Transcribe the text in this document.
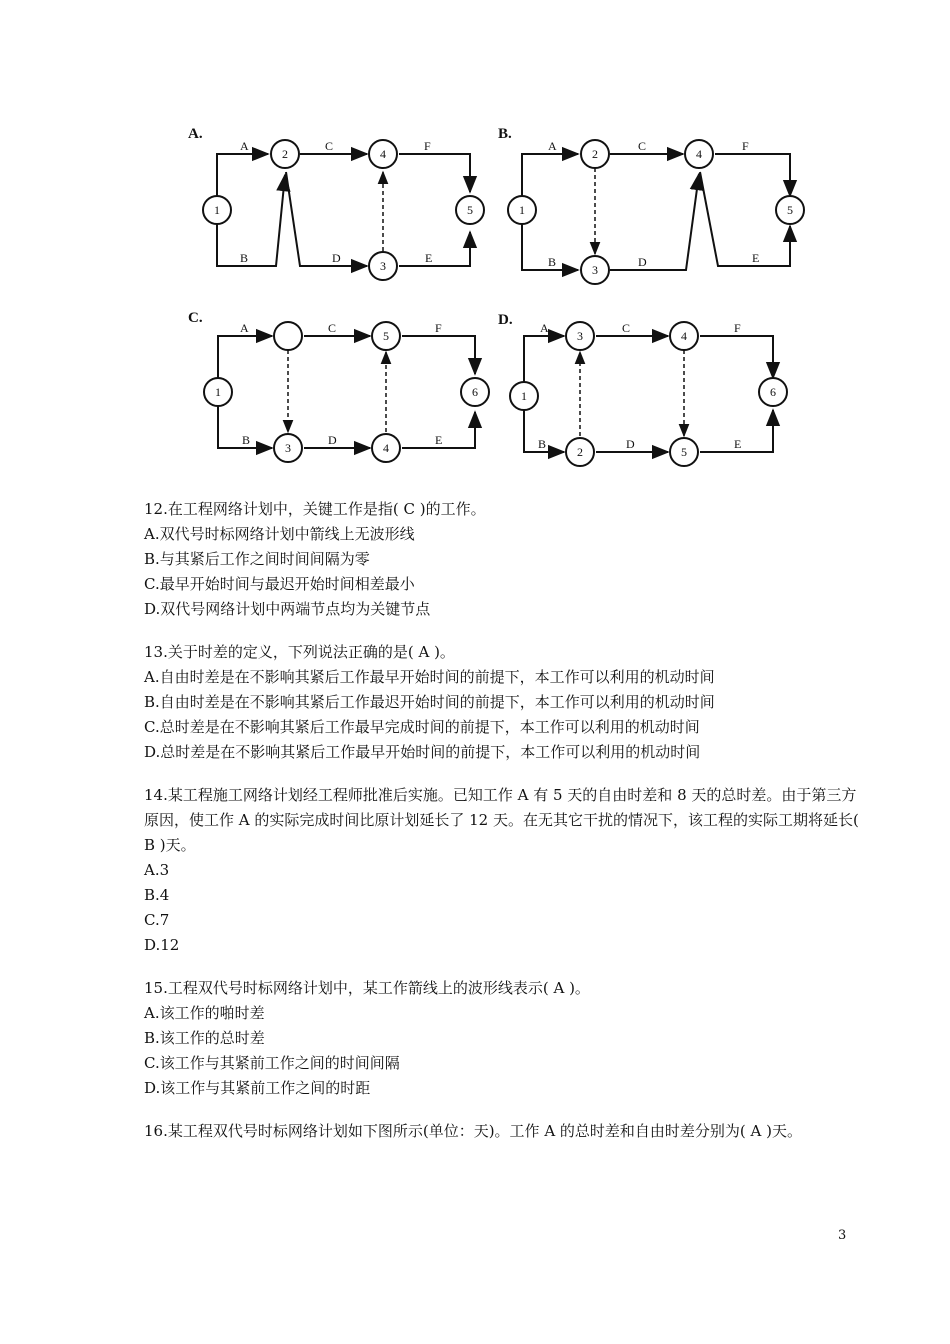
A.
A	C	F
B	D	E
1
2	4
3
5
B.
A	C	F
B	D	E
1
2	4
3
5
C.
A	C	F
B	D	E
1
5
3	4
6
D. A	C	F
B	D	E
1
3	4
2	5
6

12.在工程网络计划中，关键工作是指( C )的工作。

A.双代号时标网络计划中箭线上无波形线

B.与其紧后工作之间时间间隔为零

C.最早开始时间与最迟开始时间相差最小

D.双代号网络计划中两端节点均为关键节点

13.关于时差的定义，下列说法正确的是( A )。

A.自由时差是在不影响其紧后工作最早开始时间的前提下，本工作可以利用的机动时间

B.自由时差是在不影响其紧后工作最迟开始时间的前提下，本工作可以利用的机动时间

C.总时差是在不影响其紧后工作最早完成时间的前提下，本工作可以利用的机动时间

D.总时差是在不影响其紧后工作最早开始时间的前提下，本工作可以利用的机动时间

14.某工程施工网络计划经工程师批准后实施。已知工作 A 有 5 天的自由时差和 8 天的总时差。由于第三方原因，使工作 A 的实际完成时间比原计划延长了 12 天。在无其它干扰的情况下，该工程的实际工期将延长( B )天。

A.3

B.4

C.7

D.12

15.工程双代号时标网络计划中，某工作箭线上的波形线表示( A )。

A.该工作的啪时差

B.该工作的总时差

C.该工作与其紧前工作之间的时间间隔

D.该工作与其紧前工作之间的时距

16.某工程双代号时标网络计划如下图所示(单位：天)。工作 A 的总时差和自由时差分别为( A )天。

3
